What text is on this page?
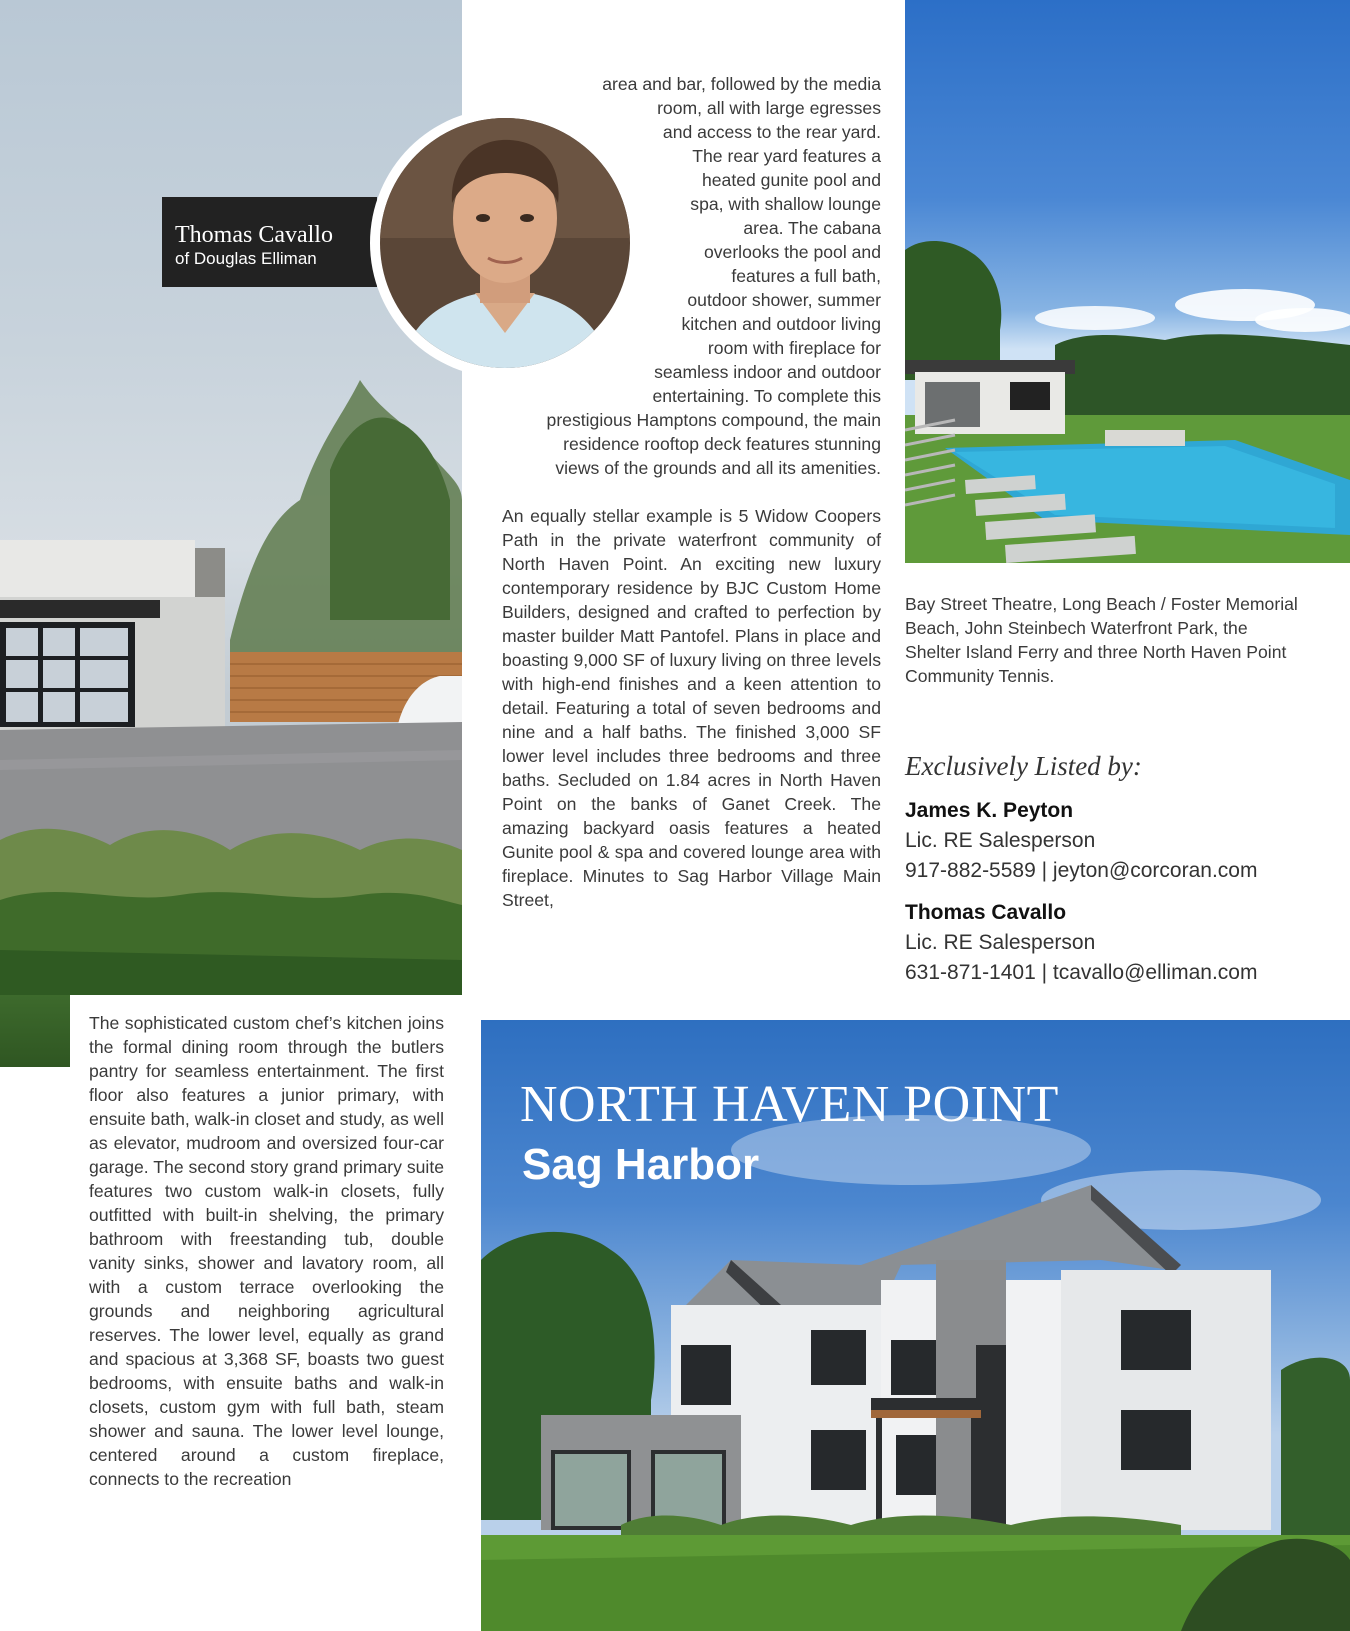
Thomas Cavallo
of Douglas Elliman
area and bar, followed by the media
room, all with large egresses
and access to the rear yard.
The rear yard features a
heated gunite pool and
spa, with shallow lounge
area. The cabana
overlooks the pool and
features a full bath,
outdoor shower, summer
kitchen and outdoor living
room with fireplace for
seamless indoor and outdoor
entertaining. To complete this
prestigious Hamptons compound, the main
residence rooftop deck features stunning
views of the grounds and all its amenities.
An equally stellar example is 5 Widow Coopers Path in the private waterfront community of North Haven Point. An exciting new luxury contemporary residence by BJC Custom Home Builders, designed and crafted to perfection by master builder Matt Pantofel. Plans in place and boasting 9,000 SF of luxury living on three levels with high-end finishes and a keen attention to detail. Featuring a total of seven bedrooms and nine and a half baths. The finished 3,000 SF lower level includes three bedrooms and three baths. Secluded on 1.84 acres in North Haven Point on the banks of Ganet Creek. The amazing backyard oasis features a heated Gunite pool & spa and covered lounge area with fireplace. Minutes to Sag Harbor Village Main Street,
Bay Street Theatre, Long Beach / Foster Memorial Beach, John Steinbech Waterfront Park, the Shelter Island Ferry and three North Haven Point Community Tennis.
Exclusively Listed by:
James K. Peyton
Lic. RE Salesperson
917-882-5589 | jeyton@corcoran.com
Thomas Cavallo
Lic. RE Salesperson
631-871-1401 | tcavallo@elliman.com
The sophisticated custom chef’s kitchen joins the formal dining room through the butlers pantry for seamless entertainment. The first floor also features a junior primary, with ensuite bath, walk-in closet and study, as well as elevator, mudroom and oversized four-car garage. The second story grand primary suite features two custom walk-in closets, fully outfitted with built-in shelving, the primary bathroom with freestanding tub, double vanity sinks, shower and lavatory room, all with a custom terrace overlooking the grounds and neighboring agricultural reserves. The lower level, equally as grand and spacious at 3,368 SF, boasts two guest bedrooms, with ensuite baths and walk-in closets, custom gym with full bath, steam shower and sauna. The lower level lounge, centered around a custom fireplace, connects to the recreation
NORTH HAVEN POINT
Sag Harbor
